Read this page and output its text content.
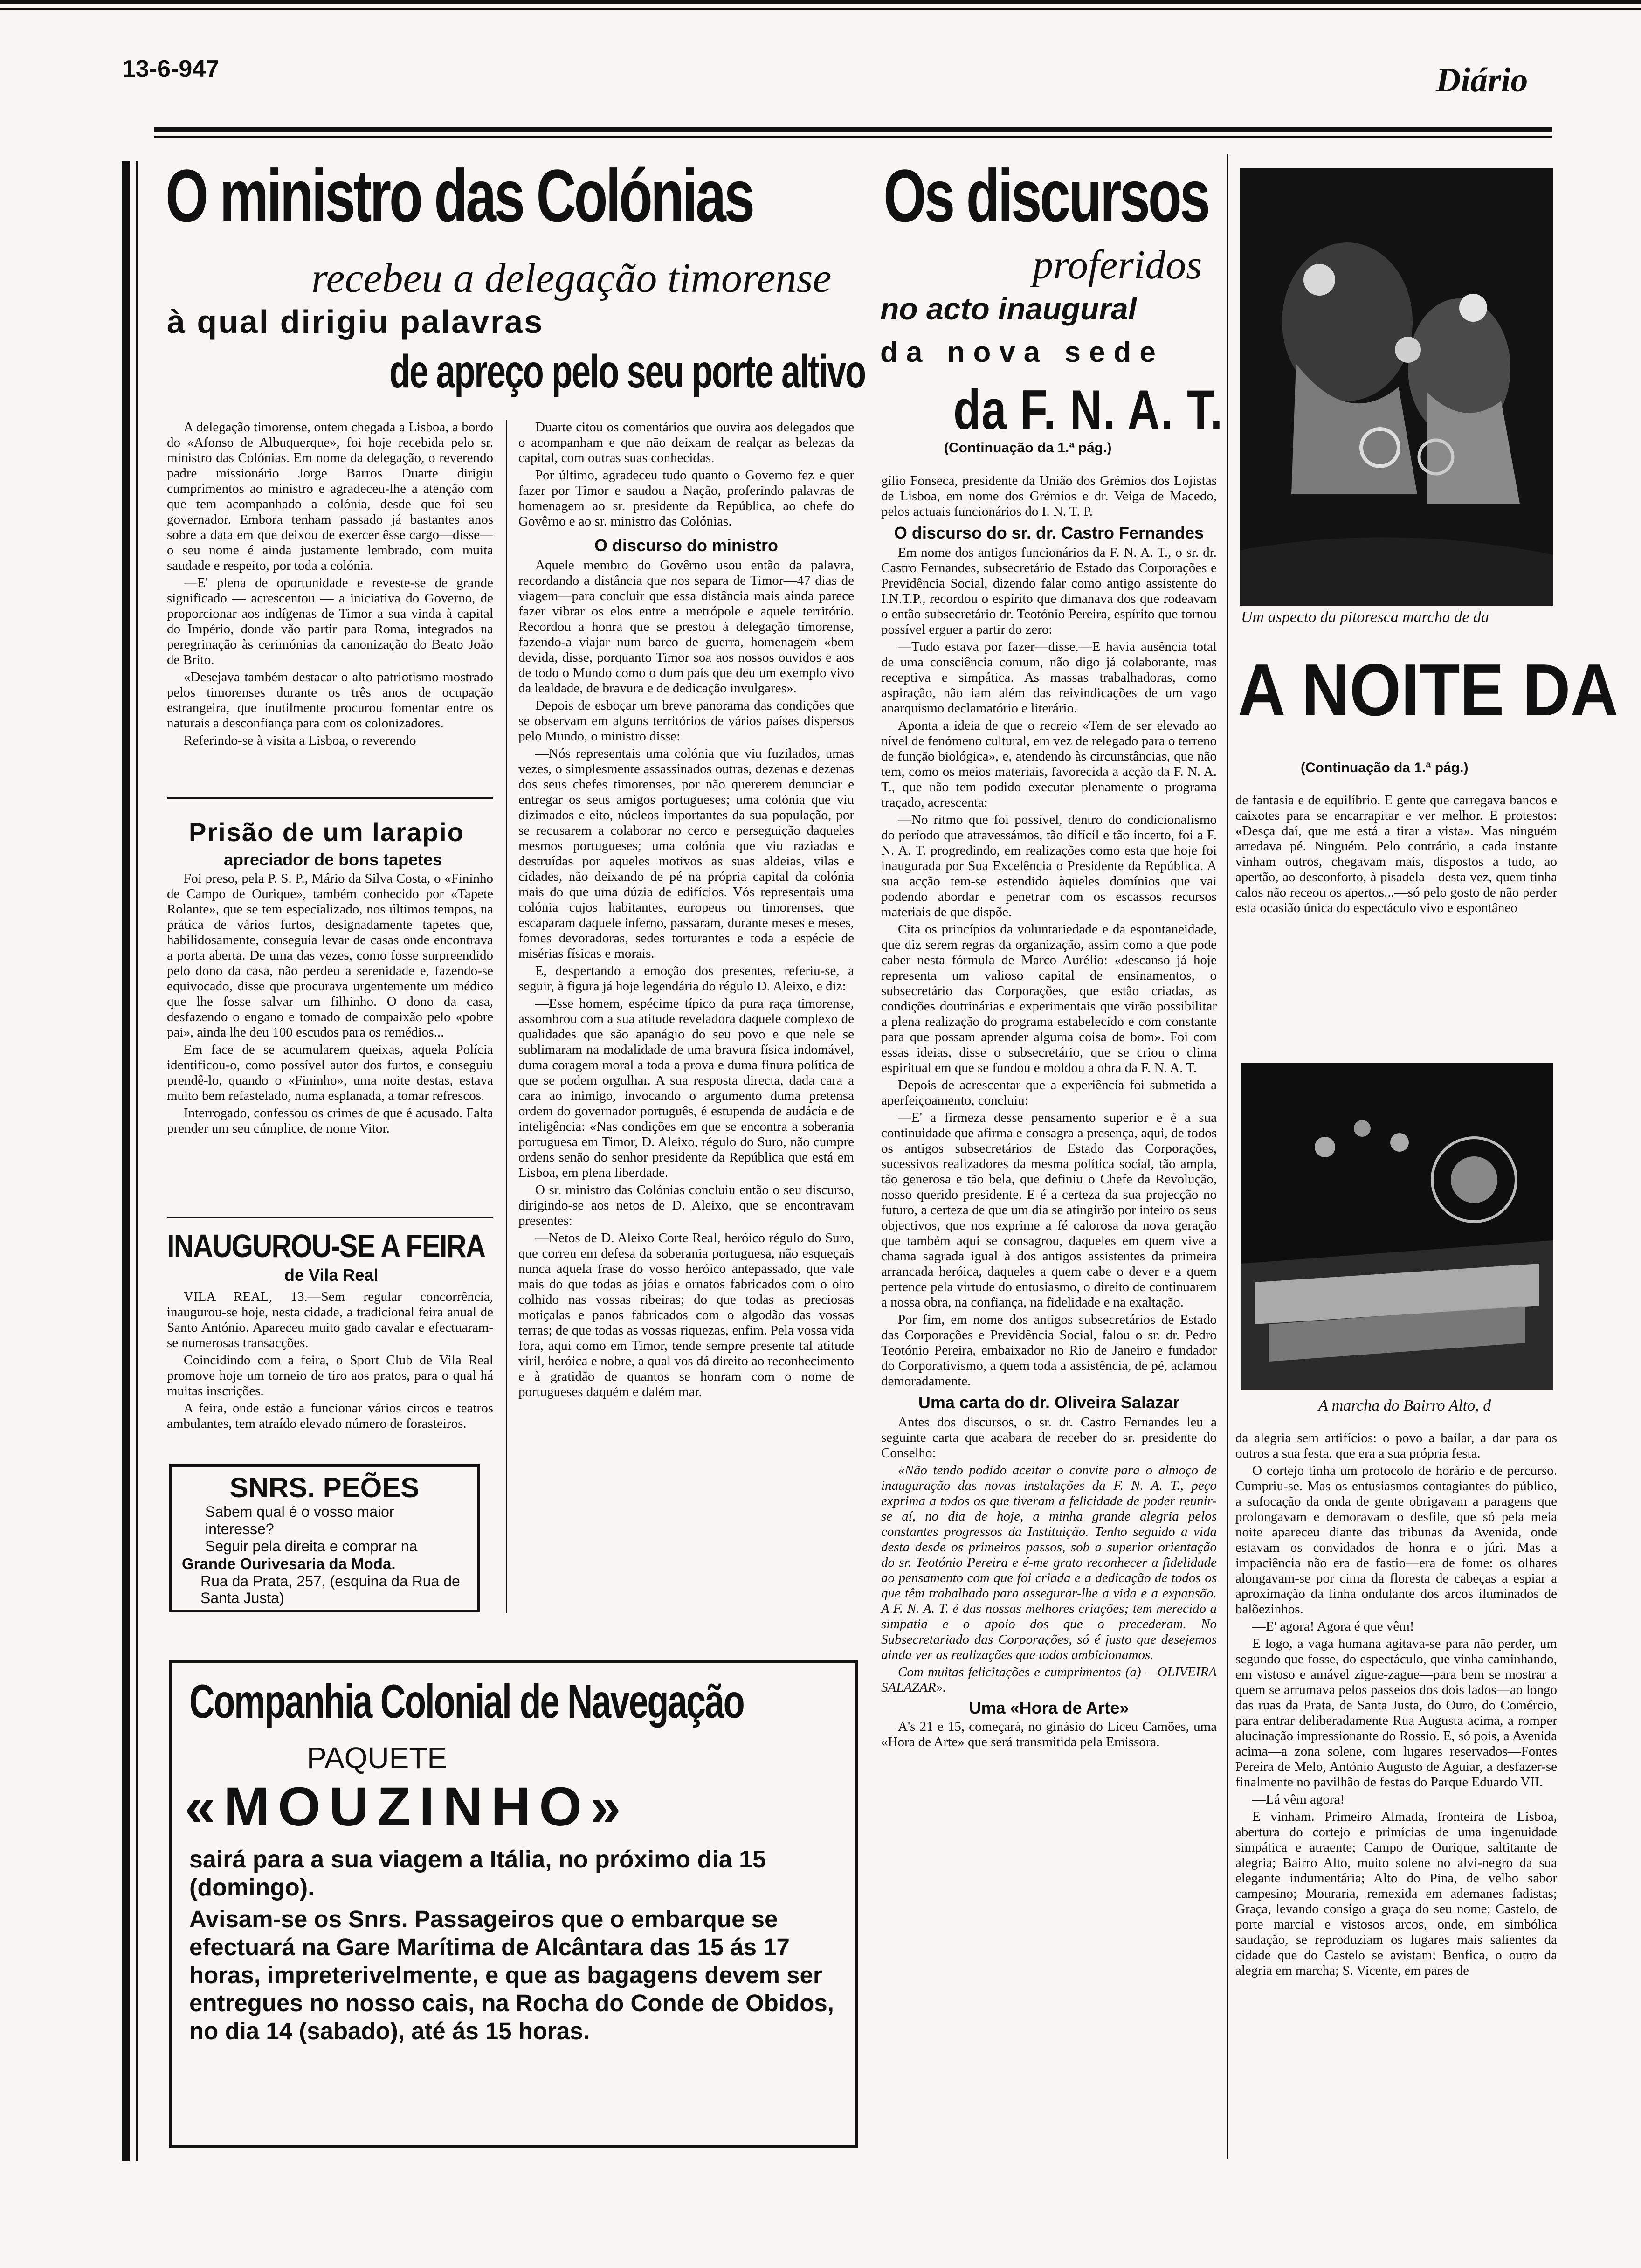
13-6-947	Diário
O ministro das Colónias
recebeu a delegação timorense
à qual dirigiu palavras
de apreço pelo seu porte altivo

A delegação timorense, ontem chegada a Lisboa, a bordo do «Afonso de Albuquerque», foi hoje recebida pelo sr. ministro das Colónias. Em nome da delegação, o reverendo padre missionário Jorge Barros Duarte dirigiu cumprimentos ao ministro e agradeceu-lhe a atenção com que tem acompanhado a colónia, desde que foi seu governador. Embora tenham passado já bastantes anos sobre a data em que deixou de exercer êsse cargo—disse—o seu nome é ainda justamente lembrado, com muita saudade e respeito, por toda a colónia.

—E' plena de oportunidade e reveste-se de grande significado — acrescentou — a iniciativa do Governo, de proporcionar aos indígenas de Timor a sua vinda à capital do Império, donde vão partir para Roma, integrados na peregrinação às cerimónias da canonização do Beato João de Brito.

«Desejava também destacar o alto patriotismo mostrado pelos timorenses durante os três anos de ocupação estrangeira, que inutilmente procurou fomentar entre os naturais a desconfiança para com os colonizadores.

Referindo-se à visita a Lisboa, o reverendo

Duarte citou os comentários que ouvira aos delegados que o acompanham e que não deixam de realçar as belezas da capital, com outras suas conhecidas.

Por último, agradeceu tudo quanto o Governo fez e quer fazer por Timor e saudou a Nação, proferindo palavras de homenagem ao sr. presidente da República, ao chefe do Govêrno e ao sr. ministro das Colónias.

O discurso do ministro

Aquele membro do Govêrno usou então da palavra, recordando a distância que nos separa de Timor—47 dias de viagem—para concluir que essa distância mais ainda parece fazer vibrar os elos entre a metrópole e aquele território. Recordou a honra que se prestou à delegação timorense, fazendo-a viajar num barco de guerra, homenagem «bem devida, disse, porquanto Timor soa aos nossos ouvidos e aos de todo o Mundo como o dum país que deu um exemplo vivo da lealdade, de bravura e de dedicação invulgares».

Depois de esboçar um breve panorama das condições que se observam em alguns territórios de vários países dispersos pelo Mundo, o ministro disse:

—Nós representais uma colónia que viu fuzilados, umas vezes, o simplesmente assassinados outras, dezenas e dezenas dos seus chefes timorenses, por não quererem denunciar e entregar os seus amigos portugueses; uma colónia que viu dizimados e eito, núcleos importantes da sua população, por se recusarem a colaborar no cerco e perseguição daqueles mesmos portugueses; uma colónia que viu raziadas e destruídas por aqueles motivos as suas aldeias, vilas e cidades, não deixando de pé na própria capital da colónia mais do que uma dúzia de edifícios. Vós representais uma colónia cujos habitantes, europeus ou timorenses, que escaparam daquele inferno, passaram, durante meses e meses, fomes devoradoras, sedes torturantes e toda a espécie de misérias físicas e morais.

E, despertando a emoção dos presentes, referiu-se, a seguir, à figura já hoje legendária do régulo D. Aleixo, e diz:

—Esse homem, espécime típico da pura raça timorense, assombrou com a sua atitude reveladora daquele complexo de qualidades que são apanágio do seu povo e que nele se sublimaram na modalidade de uma bravura física indomável, duma coragem moral a toda a prova e duma finura política de que se podem orgulhar. A sua resposta directa, dada cara a cara ao inimigo, invocando o argumento duma pretensa ordem do governador português, é estupenda de audácia e de inteligência: «Nas condições em que se encontra a soberania portuguesa em Timor, D. Aleixo, régulo do Suro, não cumpre ordens senão do senhor presidente da República que está em Lisboa, em plena liberdade.

O sr. ministro das Colónias concluiu então o seu discurso, dirigindo-se aos netos de D. Aleixo, que se encontravam presentes:

—Netos de D. Aleixo Corte Real, heróico régulo do Suro, que correu em defesa da soberania portuguesa, não esqueçais nunca aquela frase do vosso heróico antepassado, que vale mais do que todas as jóias e ornatos fabricados com o oiro colhido nas vossas ribeiras; do que todas as preciosas motiçalas e panos fabricados com o algodão das vossas terras; de que todas as vossas riquezas, enfim. Pela vossa vida fora, aqui como em Timor, tende sempre presente tal atitude viril, heróica e nobre, a qual vos dá direito ao reconhecimento e à gratidão de quantos se honram com o nome de portugueses daquém e dalém mar.

Prisão de um larapio
apreciador de bons tapetes

Foi preso, pela P. S. P., Mário da Silva Costa, o «Fininho de Campo de Ourique», também conhecido por «Tapete Rolante», que se tem especializado, nos últimos tempos, na prática de vários furtos, designadamente tapetes que, habilidosamente, conseguia levar de casas onde encontrava a porta aberta. De uma das vezes, como fosse surpreendido pelo dono da casa, não perdeu a serenidade e, fazendo-se equivocado, disse que procurava urgentemente um médico que lhe fosse salvar um filhinho. O dono da casa, desfazendo o engano e tomado de compaixão pelo «pobre pai», ainda lhe deu 100 escudos para os remédios...

Em face de se acumularem queixas, aquela Polícia identificou-o, como possível autor dos furtos, e conseguiu prendê-lo, quando o «Fininho», uma noite destas, estava muito bem refastelado, numa esplanada, a tomar refrescos.

Interrogado, confessou os crimes de que é acusado. Falta prender um seu cúmplice, de nome Vitor.

INAUGUROU-SE A FEIRA
de Vila Real

VILA REAL, 13.—Sem regular concorrência, inaugurou-se hoje, nesta cidade, a tradicional feira anual de Santo António. Apareceu muito gado cavalar e efectuaram-se numerosas transacções.

Coincidindo com a feira, o Sport Club de Vila Real promove hoje um torneio de tiro aos pratos, para o qual há muitas inscrições.

A feira, onde estão a funcionar vários circos e teatros ambulantes, tem atraído elevado número de forasteiros.

SNRS. PEÕES
Sabem qual é o vosso maior interesse?
Seguir pela direita e comprar na
Grande Ourivesaria da Moda.
Rua da Prata, 257, (esquina da Rua de Santa Justa)
Companhia Colonial de Navegação
PAQUETE
«MOUZINHO»
sairá para a sua viagem a Itália, no próximo dia 15 (domingo).
Avisam-se os Snrs. Passageiros que o embarque se efectuará na Gare Marítima de Alcântara das 15 ás 17 horas, impreterivelmente, e que as bagagens devem ser entregues no nosso cais, na Rocha do Conde de Obidos, no dia 14 (sabado), até ás 15 horas.
Os discursos
proferidos
no acto inaugural
da nova sede
da F. N. A. T.
(Continuação da 1.ª pág.)

gílio Fonseca, presidente da União dos Grémios dos Lojistas de Lisboa, em nome dos Grémios e dr. Veiga de Macedo, pelos actuais funcionários do I. N. T. P.

O discurso do sr. dr. Castro Fernandes

Em nome dos antigos funcionários da F. N. A. T., o sr. dr. Castro Fernandes, subsecretário de Estado das Corporações e Previdência Social, dizendo falar como antigo assistente do I.N.T.P., recordou o espírito que dimanava dos que rodeavam o então subsecretário dr. Teotónio Pereira, espírito que tornou possível erguer a partir do zero:

—Tudo estava por fazer—disse.—E havia ausência total de uma consciência comum, não digo já colaborante, mas receptiva e simpática. As massas trabalhadoras, como aspiração, não iam além das reivindicações de um vago anarquismo declamatório e literário.

Aponta a ideia de que o recreio «Tem de ser elevado ao nível de fenómeno cultural, em vez de relegado para o terreno de função biológica», e, atendendo às circunstâncias, que não tem, como os meios materiais, favorecida a acção da F. N. A. T., que não tem podido executar plenamente o programa traçado, acrescenta:

—No ritmo que foi possível, dentro do condicionalismo do período que atravessámos, tão difícil e tão incerto, foi a F. N. A. T. progredindo, em realizações como esta que hoje foi inaugurada por Sua Excelência o Presidente da República. A sua acção tem-se estendido àqueles domínios que vai podendo abordar e penetrar com os escassos recursos materiais de que dispõe.

Cita os princípios da voluntariedade e da espontaneidade, que diz serem regras da organização, assim como a que pode caber nesta fórmula de Marco Aurélio: «descanso já hoje representa um valioso capital de ensinamentos, o subsecretário das Corporações, que estão criadas, as condições doutrinárias e experimentais que virão possibilitar a plena realização do programa estabelecido e com constante para que possam aprender alguma coisa de bom». Foi com essas ideias, disse o subsecretário, que se criou o clima espiritual em que se fundou e moldou a obra da F. N. A. T.

Depois de acrescentar que a experiência foi submetida a aperfeiçoamento, concluiu:

—E' a firmeza desse pensamento superior e é a sua continuidade que afirma e consagra a presença, aqui, de todos os antigos subsecretários de Estado das Corporações, sucessivos realizadores da mesma política social, tão ampla, tão generosa e tão bela, que definiu o Chefe da Revolução, nosso querido presidente. E é a certeza da sua projecção no futuro, a certeza de que um dia se atingirão por inteiro os seus objectivos, que nos exprime a fé calorosa da nova geração que também aqui se consagrou, daqueles em quem vive a chama sagrada igual à dos antigos assistentes da primeira arrancada heróica, daqueles a quem cabe o dever e a quem pertence pela virtude do entusiasmo, o direito de continuarem a nossa obra, na confiança, na fidelidade e na exaltação.

Por fim, em nome dos antigos subsecretários de Estado das Corporações e Previdência Social, falou o sr. dr. Pedro Teotónio Pereira, embaixador no Rio de Janeiro e fundador do Corporativismo, a quem toda a assistência, de pé, aclamou demoradamente.

Uma carta do dr. Oliveira Salazar

Antes dos discursos, o sr. dr. Castro Fernandes leu a seguinte carta que acabara de receber do sr. presidente do Conselho:

«Não tendo podido aceitar o convite para o almoço de inauguração das novas instalações da F. N. A. T., peço exprima a todos os que tiveram a felicidade de poder reunir-se aí, no dia de hoje, a minha grande alegria pelos constantes progressos da Instituição. Tenho seguido a vida desta desde os primeiros passos, sob a superior orientação do sr. Teotónio Pereira e é-me grato reconhecer a fidelidade ao pensamento com que foi criada e a dedicação de todos os que têm trabalhado para assegurar-lhe a vida e a expansão. A F. N. A. T. é das nossas melhores criações; tem merecido a simpatia e o apoio dos que o precederam. No Subsecretariado das Corporações, só é justo que desejemos ainda ver as realizações que todos ambicionamos.

Com muitas felicitações e cumprimentos (a) —OLIVEIRA SALAZAR».

Uma «Hora de Arte»

A's 21 e 15, começará, no ginásio do Liceu Camões, uma «Hora de Arte» que será transmitida pela Emissora.

Um aspecto da pitoresca marcha de da
A NOITE DA
(Continuação da 1.ª pág.)

de fantasia e de equilíbrio. E gente que carregava bancos e caixotes para se encarrapitar e ver melhor. E protestos: «Desça daí, que me está a tirar a vista». Mas ninguém arredava pé. Ninguém. Pelo contrário, a cada instante vinham outros, chegavam mais, dispostos a tudo, ao apertão, ao desconforto, à pisadela—desta vez, quem tinha calos não receou os apertos...—só pelo gosto de não perder esta ocasião única do espectáculo vivo e espontâneo

A marcha do Bairro Alto, d

da alegria sem artifícios: o povo a bailar, a dar para os outros a sua festa, que era a sua própria festa.

O cortejo tinha um protocolo de horário e de percurso. Cumpriu-se. Mas os entusiasmos contagiantes do público, a sufocação da onda de gente obrigavam a paragens que prolongavam e demoravam o desfile, que só pela meia noite apareceu diante das tribunas da Avenida, onde estavam os convidados de honra e o júri. Mas a impaciência não era de fastio—era de fome: os olhares alongavam-se por cima da floresta de cabeças a espiar a aproximação da linha ondulante dos arcos iluminados de balõezinhos.

—E' agora! Agora é que vêm!

E logo, a vaga humana agitava-se para não perder, um segundo que fosse, do espectáculo, que vinha caminhando, em vistoso e amável zigue-zague—para bem se mostrar a quem se arrumava pelos passeios dos dois lados—ao longo das ruas da Prata, de Santa Justa, do Ouro, do Comércio, para entrar deliberadamente Rua Augusta acima, a romper alucinação impressionante do Rossio. E, só pois, a Avenida acima—a zona solene, com lugares reservados—Fontes Pereira de Melo, António Augusto de Aguiar, a desfazer-se finalmente no pavilhão de festas do Parque Eduardo VII.

—Lá vêm agora!

E vinham. Primeiro Almada, fronteira de Lisboa, abertura do cortejo e primícias de uma ingenuidade simpática e atraente; Campo de Ourique, saltitante de alegria; Bairro Alto, muito solene no alvi-negro da sua elegante indumentária; Alto do Pina, de velho sabor campesino; Mouraria, remexida em ademanes fadistas; Graça, levando consigo a graça do seu nome; Castelo, de porte marcial e vistosos arcos, onde, em simbólica saudação, se reproduziam os lugares mais salientes da cidade que do Castelo se avistam; Benfica, o outro da alegria em marcha; S. Vicente, em pares de
